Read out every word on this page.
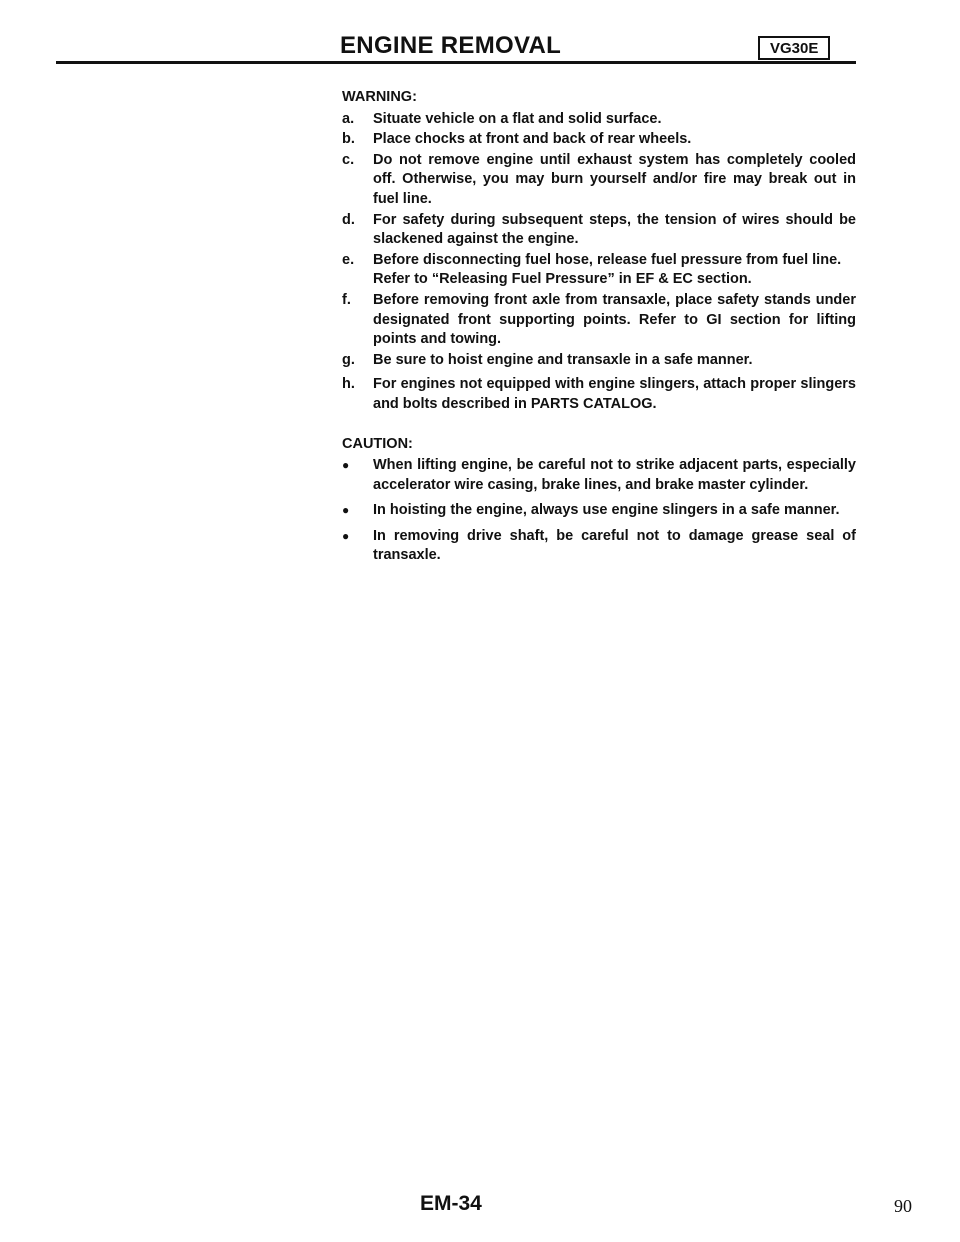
ENGINE REMOVAL	VG30E
WARNING:
a.	Situate vehicle on a flat and solid surface.
b.	Place chocks at front and back of rear wheels.
c.	Do not remove engine until exhaust system has completely cooled off. Otherwise, you may burn yourself and/or fire may break out in fuel line.
d.	For safety during subsequent steps, the tension of wires should be slackened against the engine.
e.	Before disconnecting fuel hose, release fuel pressure from fuel line.
Refer to “Releasing Fuel Pressure” in EF & EC section.
f.	Before removing front axle from transaxle, place safety stands under designated front supporting points. Refer to GI section for lifting points and towing.
g.	Be sure to hoist engine and transaxle in a safe manner.
h.	For engines not equipped with engine slingers, attach proper slingers and bolts described in PARTS CATALOG.
CAUTION:
●	When lifting engine, be careful not to strike adjacent parts, especially accelerator wire casing, brake lines, and brake master cylinder.
●	In hoisting the engine, always use engine slingers in a safe manner.
●	In removing drive shaft, be careful not to damage grease seal of transaxle.
EM-34	90
